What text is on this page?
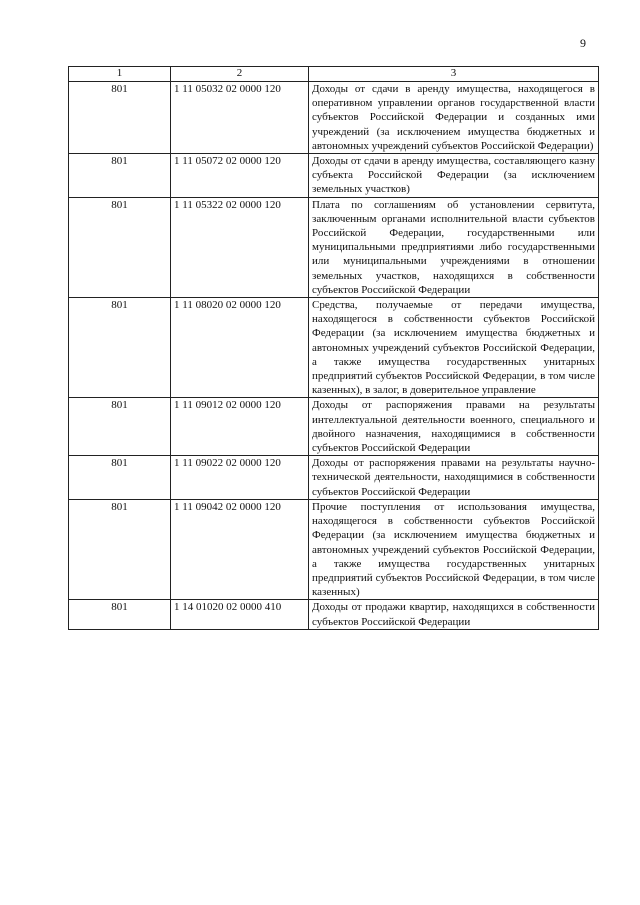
9
1	2	3
801	1 11 05032 02 0000 120	Доходы от сдачи в аренду имущества, находящегося в оперативном управлении органов государственной власти субъектов Российской Федерации и созданных ими учреждений (за исключением имущества бюджетных и автономных учреждений субъектов Российской Федерации)
801	1 11 05072 02 0000 120	Доходы от сдачи в аренду имущества, составляющего казну субъекта Российской Федерации (за исключением земельных участков)
801	1 11 05322 02 0000 120	Плата по соглашениям об установлении сервитута, заключенным органами исполнительной власти субъектов Российской Федерации, государственными или муниципальными предприятиями либо государственными или муниципальными учреждениями в отношении земельных участков, находящихся в собственности субъектов Российской Федерации
801	1 11 08020 02 0000 120	Средства, получаемые от передачи имущества, находящегося в собственности субъектов Российской Федерации (за исключением имущества бюджетных и автономных учреждений субъектов Российской Федерации, а также имущества государственных унитарных предприятий субъектов Российской Федерации, в том числе казенных), в залог, в доверительное управление
801	1 11 09012 02 0000 120	Доходы от распоряжения правами на результаты интеллектуальной деятельности военного, специального и двойного назначения, находящимися в собственности субъектов Российской Федерации
801	1 11 09022 02 0000 120	Доходы от распоряжения правами на результаты научно-технической деятельности, находящимися в собственности субъектов Российской Федерации
801	1 11 09042 02 0000 120	Прочие поступления от использования имущества, находящегося в собственности субъектов Российской Федерации (за исключением имущества бюджетных и автономных учреждений субъектов Российской Федерации, а также имущества государственных унитарных предприятий субъектов Российской Федерации, в том числе казенных)
801	1 14 01020 02 0000 410	Доходы от продажи квартир, находящихся в собственности субъектов Российской Федерации
